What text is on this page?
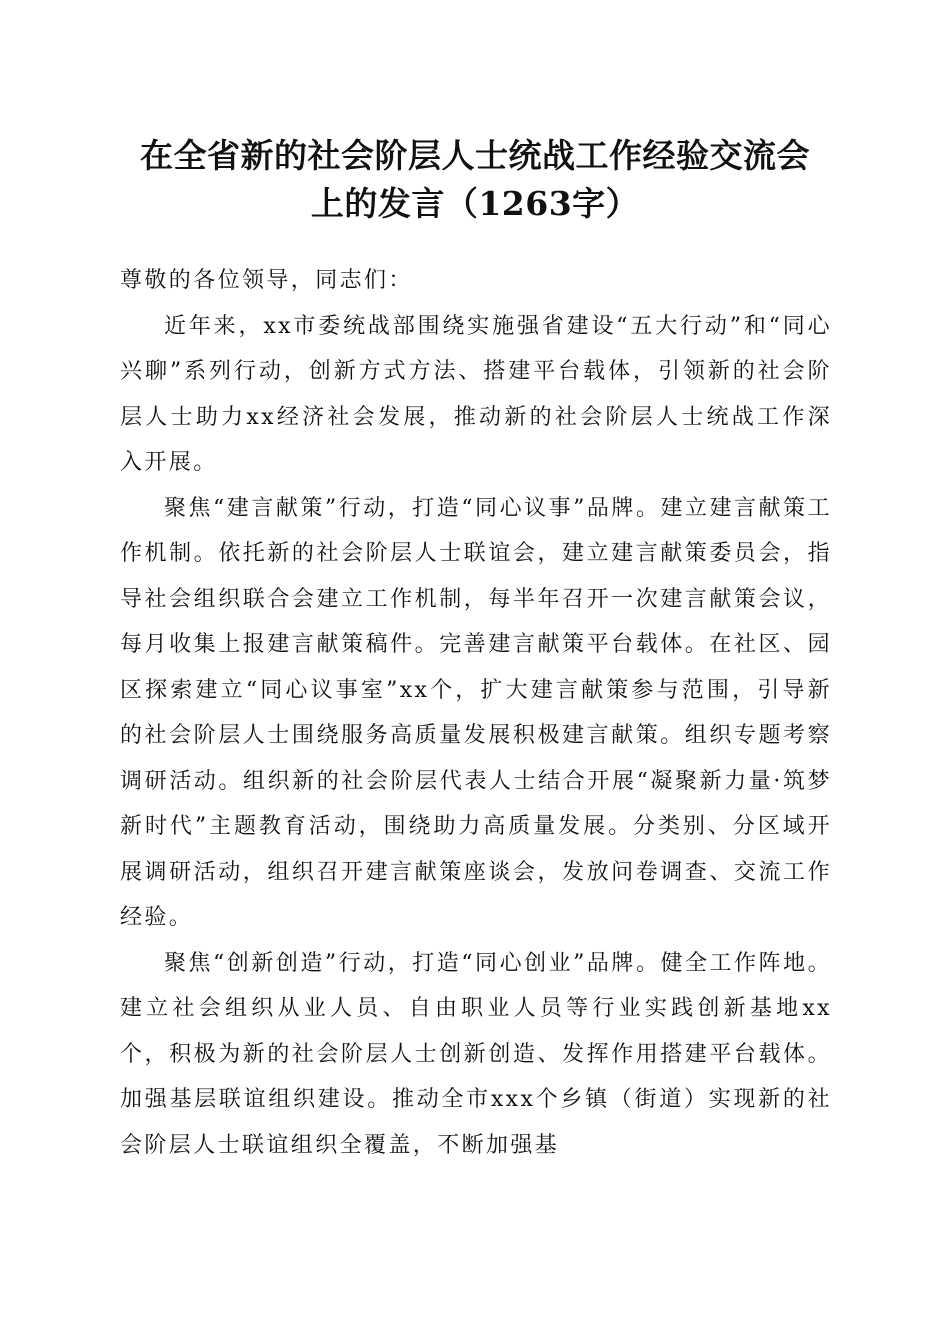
在全省新的社会阶层人士统战工作经验交流会
上的发言（1263字）

尊敬的各位领导，同志们：

近年来，xx市委统战部围绕实施强省建设“五大行动”和“同心兴聊”系列行动，创新方式方法、搭建平台载体，引领新的社会阶层人士助力xx经济社会发展，推动新的社会阶层人士统战工作深入开展。

聚焦“建言献策”行动，打造“同心议事”品牌。建立建言献策工作机制。依托新的社会阶层人士联谊会，建立建言献策委员会，指导社会组织联合会建立工作机制，每半年召开一次建言献策会议，每月收集上报建言献策稿件。完善建言献策平台载体。在社区、园区探索建立“同心议事室”xx个，扩大建言献策参与范围，引导新的社会阶层人士围绕服务高质量发展积极建言献策。组织专题考察调研活动。组织新的社会阶层代表人士结合开展“凝聚新力量·筑梦新时代”主题教育活动，围绕助力高质量发展。分类别、分区域开展调研活动，组织召开建言献策座谈会，发放问卷调查、交流工作经验。

聚焦“创新创造”行动，打造“同心创业”品牌。健全工作阵地。建立社会组织从业人员、自由职业人员等行业实践创新基地xx个，积极为新的社会阶层人士创新创造、发挥作用搭建平台载体。加强基层联谊组织建设。推动全市xxx个乡镇（街道）实现新的社会阶层人士联谊组织全覆盖，不断加强基
